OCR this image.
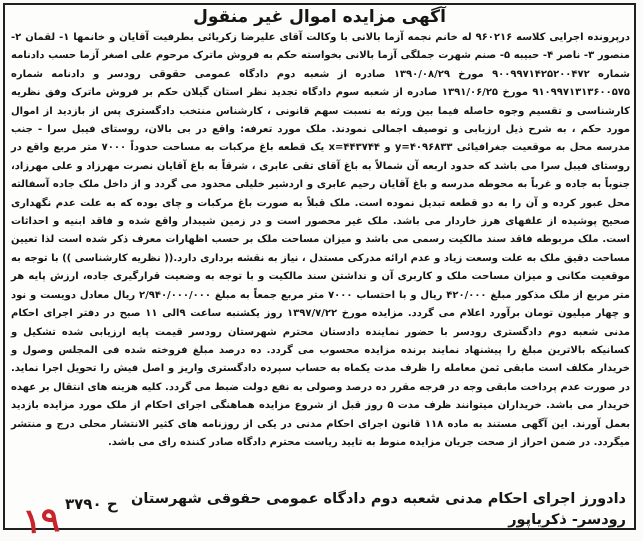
آگهی مزایده اموال غیر منقول

درپرونده اجرایی کلاسه ۹۶۰۲۱۶ له خانم نجمه آزما بالانی با وکالت آقای علیرضا زکریائی بطرفیت آقایان و خانمها ۱- لقمان ۲- منصور ۳- ناصر ۴- حبیبه ۵- صنم شهرت جملگی آزما بالانی بخواسته حکم به فروش ماترک مرحوم علی اصغر آزما حسب دادنامه شماره ۹۰۰۹۹۷۱۴۲۵۲۰۰۴۷۲ مورخ ۱۳۹۰/۰۸/۲۹ صادره از شعبه دوم دادگاه عمومی حقوقی رودسر و دادنامه شماره ۹۱۰۹۹۷۱۳۱۳۶۰۰۵۷۵ مورخ ۱۳۹۱/۰۶/۲۵ صادره از شعبه سوم دادگاه تجدید نظر استان گیلان حکم بر فروش ماترک وفق نظریه کارشناسی و تقسیم وجوه حاصله فیما بین ورثه به نسبت سهم قانونی ، کارشناس منتخب دادگستری پس از بازدید از اموال مورد حکم ، به شرح ذیل ارزیابی و توصیف اجمالی نمودند. ملک مورد تعرفه: واقع در بی بالان، روستای فیبل سرا - جنب مدرسه محل به موقعیت جغرافیائی ۴۰۹۶۸۳۳=y و ۴۴۳۷۴۴=x یک قطعه باغ مرکبات به مساحت حدوداً ۷۰۰۰ متر مربع واقع در روستای فیبل سرا می باشد که حدود اربعه آن شمالاً به باغ آقای تقی عابری ، شرقاً به باغ آقایان نصرت مهرزاد و علی مهرزاد، جنوباً به جاده و غرباً به محوطه مدرسه و باغ آقایان رحیم عابری و اردشیر خلیلی محدود می گردد و از داخل ملک جاده آسفالته محل عبور کرده و آن را به دو قطعه تبدیل نموده است. ملک قبلاً به صورت باغ مرکبات و چای بوده که به علت عدم نگهداری صحیح پوشیده از علفهای هرز خاردار می باشد. ملک غیر محصور است و در زمین شیبدار واقع شده و فاقد ابنیه و احداثات است. ملک مربوطه فاقد سند مالکیت رسمی می باشد و میزان مساحت ملک بر حسب اظهارات معرف ذکر شده است لذا تعیین مساحت دقیق ملک به علت وسعت زیاد و عدم ارائه مدرکی مستدل ، نیاز به نقشه برداری دارد.(( نظریه کارشناسی )) با توجه به موقعیت مکانی و میزان مساحت ملک و کاربری آن و نداشتن سند مالکیت و با توجه به وضعیت قرارگیری جاده، ارزش پایه هر متر مربع از ملک مذکور مبلغ ۴۲۰/۰۰۰ ریال و با احتساب ۷۰۰۰ متر مربع جمعاً به مبلغ ۲/۹۴۰/۰۰۰/۰۰۰ ریال معادل دویست و نود و چهار میلیون تومان برآورد اعلام می گردد. مزایده مورخ ۱۳۹۷/۷/۲۲ روز یکشنبه ساعت ۹الی ۱۱ صبح در دفتر اجرای احکام مدنی شعبه دوم دادگستری رودسر با حضور نماینده دادستان محترم شهرستان رودسر قیمت پایه ارزیابی شده تشکیل و کسانیکه بالاترین مبلغ را پیشنهاد نمایند برنده مزایده محسوب می گردد. ده درصد مبلغ فروخته شده فی المجلس وصول و خریدار مکلف است مابقی ثمن معامله را ظرف مدت یکماه به حساب سپرده دادگستری واریز و اصل فیش را تحویل اجرا نماید. در صورت عدم پرداخت مابقی وجه در فرجه مقرر ده درصد وصولی به نفع دولت ضبط می گردد. کلیه هزینه های انتقال بر عهده خریدار می باشد. خریداران میتوانند ظرف مدت ۵ روز قبل از شروع مزایده هماهنگی اجرای احکام از ملک مورد مزایده بازدید بعمل آورند. این آگهی مستند به ماده ۱۱۸ قانون اجرای احکام مدنی در یکی از روزنامه های کثیر الانتشار محلی درج و منتشر میگردد. در ضمن احراز از صحت جریان مزایده منوط به تایید ریاست محترم دادگاه صادر کننده رای می باشد.

دادورز اجرای احکام مدنی شعبه دوم دادگاه عمومی حقوقی شهرستان رودسر- ذکریاپور
ح ۳۷۹۰
۱۹
